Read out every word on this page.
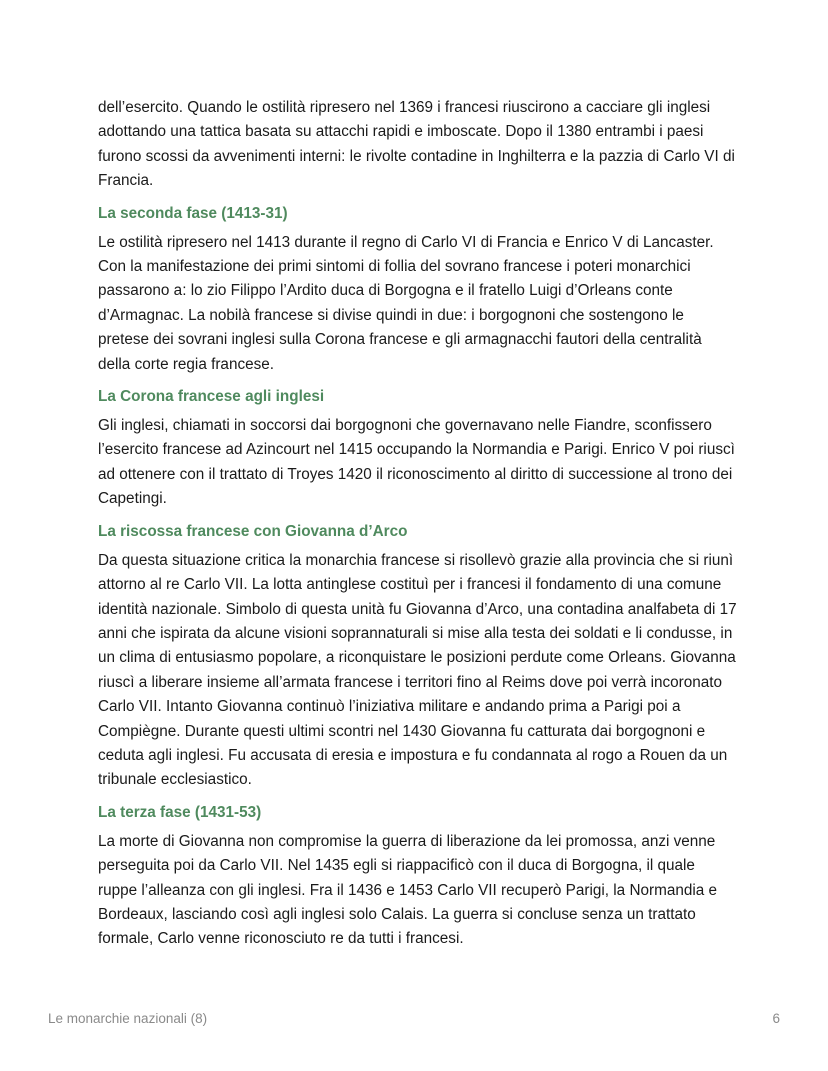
dell’esercito. Quando le ostilità ripresero nel 1369 i francesi riuscirono a cacciare gli inglesi adottando una tattica basata su attacchi rapidi e imboscate. Dopo il 1380 entrambi i paesi furono scossi da avvenimenti interni: le rivolte contadine in Inghilterra e la pazzia di Carlo VI di Francia.

La seconda fase (1413-31)

Le ostilità ripresero nel 1413 durante il regno di Carlo VI di Francia e Enrico V di Lancaster. Con la manifestazione dei primi sintomi di follia del sovrano francese i poteri monarchici passarono a: lo zio Filippo l’Ardito duca di Borgogna e il fratello Luigi d’Orleans conte d’Armagnac. La nobilà francese si divise quindi in due: i borgognoni che sostengono le pretese dei sovrani inglesi sulla Corona francese e gli armagnacchi fautori della centralità della corte regia francese.

La Corona francese agli inglesi

Gli inglesi, chiamati in soccorsi dai borgognoni che governavano nelle Fiandre, sconfissero l’esercito francese ad Azincourt nel 1415 occupando la Normandia e Parigi. Enrico V poi riuscì ad ottenere con il trattato di Troyes 1420 il riconoscimento al diritto di successione al trono dei Capetingi.

La riscossa francese con Giovanna d’Arco

Da questa situazione critica la monarchia francese si risollevò grazie alla provincia che si riunì attorno al re Carlo VII. La lotta antinglese costituì per i francesi il fondamento di una comune identità nazionale. Simbolo di questa unità fu Giovanna d’Arco, una contadina analfabeta di 17 anni che ispirata da alcune visioni soprannaturali si mise alla testa dei soldati e li condusse, in un clima di entusiasmo popolare, a riconquistare le posizioni perdute come Orleans. Giovanna riuscì a liberare insieme all’armata francese i territori fino al Reims dove poi verrà incoronato Carlo VII. Intanto Giovanna continuò l’iniziativa militare e andando prima a Parigi poi a Compiègne. Durante questi ultimi scontri nel 1430 Giovanna fu catturata dai borgognoni e ceduta agli inglesi. Fu accusata di eresia e impostura e fu condannata al rogo a Rouen da un tribunale ecclesiastico.

La terza fase (1431-53)

La morte di Giovanna non compromise la guerra di liberazione da lei promossa, anzi venne perseguita poi da Carlo VII. Nel 1435 egli si riappacificò con il duca di Borgogna, il quale ruppe l’alleanza con gli inglesi. Fra il 1436 e 1453 Carlo VII recuperò Parigi, la Normandia e Bordeaux, lasciando così agli inglesi solo Calais. La guerra si concluse senza un trattato formale, Carlo venne riconosciuto re da tutti i francesi.

Le monarchie nazionali (8)	6
